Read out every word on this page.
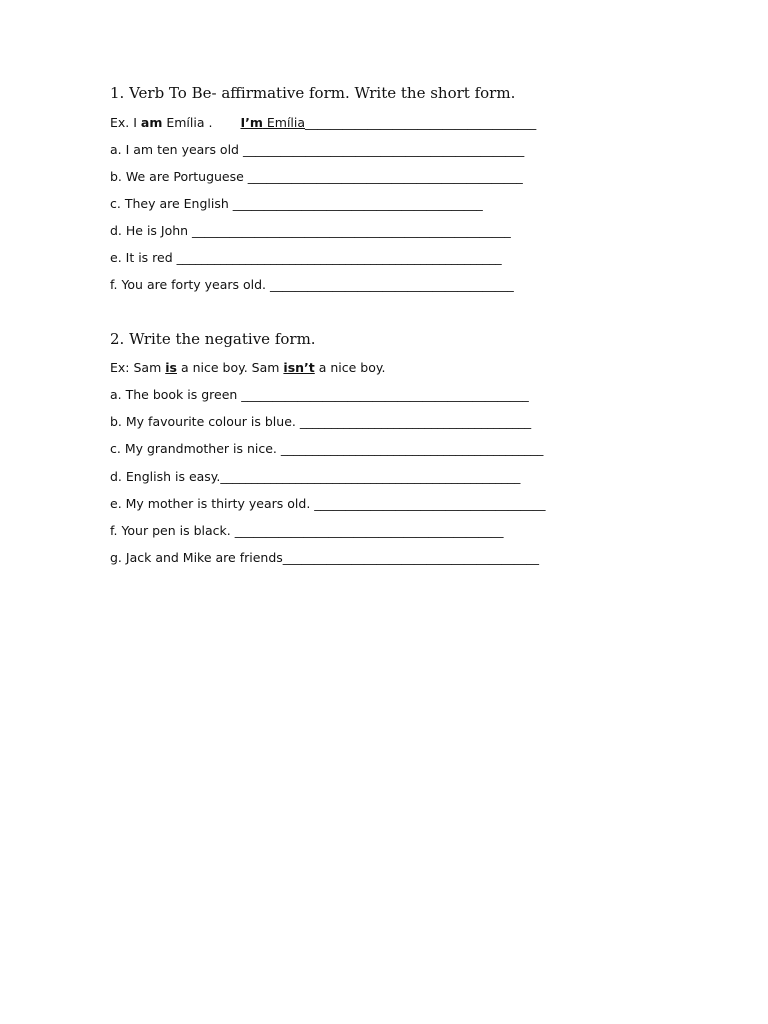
1. Verb To Be- affirmative form. Write the short form.
Ex. I am Emília . I’m Emília_____________________________________
a. I am ten years old _____________________________________________
b. We are Portuguese ____________________________________________
c. They are English ________________________________________
d. He is John ___________________________________________________
e. It is red ____________________________________________________
f. You are forty years old. _______________________________________
2. Write the negative form.
Ex: Sam is a nice boy. Sam isn’t a nice boy.
a. The book is green ______________________________________________
b. My favourite colour is blue. _____________________________________
c. My grandmother is nice. __________________________________________
d. English is easy.________________________________________________
e. My mother is thirty years old. _____________________________________
f. Your pen is black. ___________________________________________
g. Jack and Mike are friends_________________________________________
